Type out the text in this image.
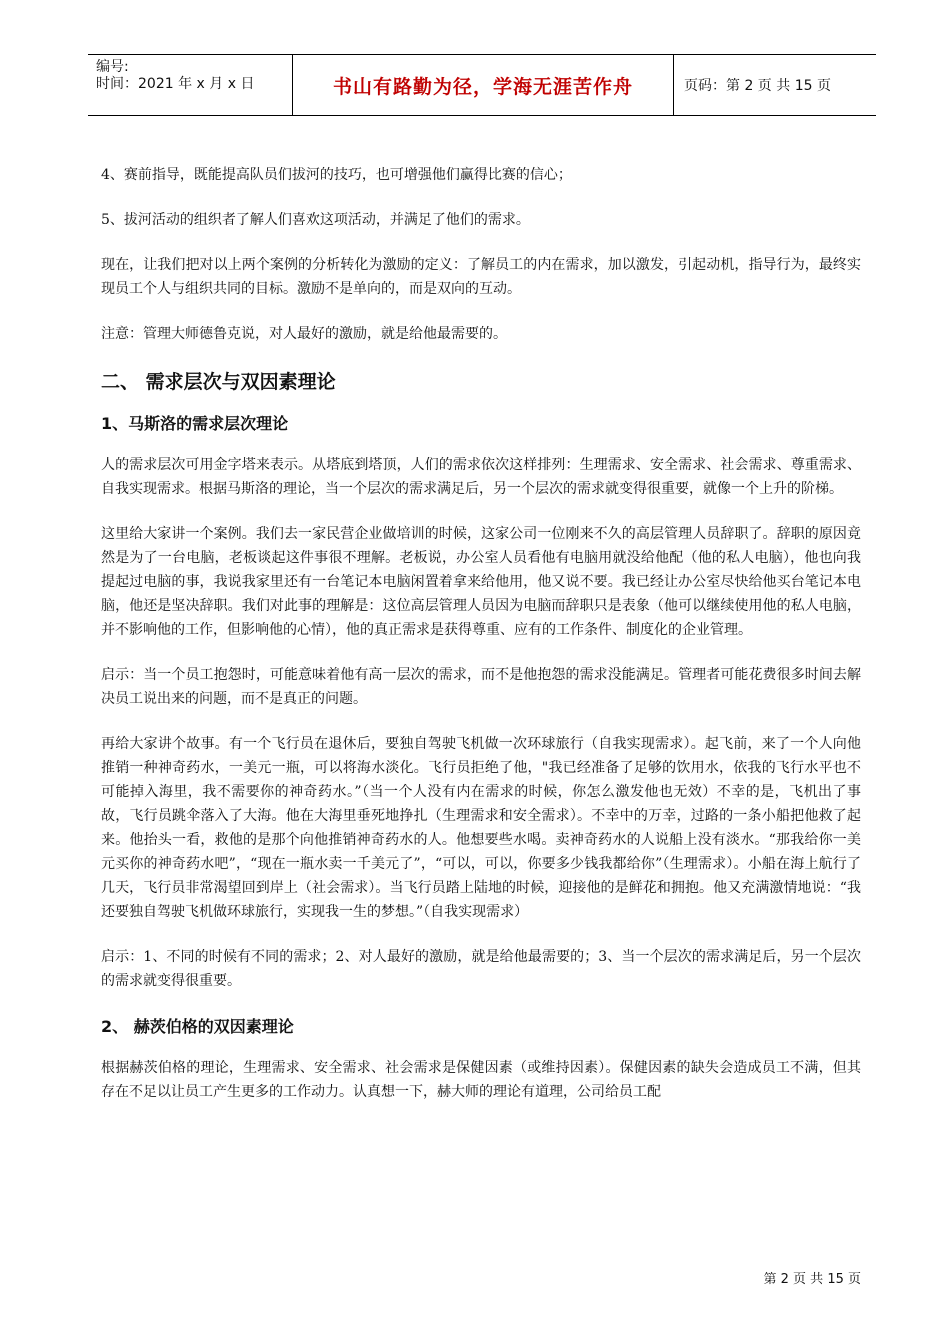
编号:
时间：2021 年 x 月 x 日	书山有路勤为径，学海无涯苦作舟	页码：第 2 页 共 15 页

4、赛前指导，既能提高队员们拔河的技巧，也可增强他们赢得比赛的信心；

5、拔河活动的组织者了解人们喜欢这项活动，并满足了他们的需求。

现在，让我们把对以上两个案例的分析转化为激励的定义：了解员工的内在需求，加以激发，引起动机，指导行为，最终实现员工个人与组织共同的目标。激励不是单向的，而是双向的互动。

注意：管理大师德鲁克说，对人最好的激励，就是给他最需要的。

二、 需求层次与双因素理论
1、马斯洛的需求层次理论

人的需求层次可用金字塔来表示。从塔底到塔顶，人们的需求依次这样排列：生理需求、安全需求、社会需求、尊重需求、自我实现需求。根据马斯洛的理论，当一个层次的需求满足后，另一个层次的需求就变得很重要，就像一个上升的阶梯。

这里给大家讲一个案例。我们去一家民营企业做培训的时候，这家公司一位刚来不久的高层管理人员辞职了。辞职的原因竟然是为了一台电脑，老板谈起这件事很不理解。老板说，办公室人员看他有电脑用就没给他配（他的私人电脑），他也向我提起过电脑的事，我说我家里还有一台笔记本电脑闲置着拿来给他用，他又说不要。我已经让办公室尽快给他买台笔记本电脑，他还是坚决辞职。我们对此事的理解是：这位高层管理人员因为电脑而辞职只是表象（他可以继续使用他的私人电脑，并不影响他的工作，但影响他的心情），他的真正需求是获得尊重、应有的工作条件、制度化的企业管理。

启示：当一个员工抱怨时，可能意味着他有高一层次的需求，而不是他抱怨的需求没能满足。管理者可能花费很多时间去解决员工说出来的问题，而不是真正的问题。

再给大家讲个故事。有一个飞行员在退休后，要独自驾驶飞机做一次环球旅行（自我实现需求）。起飞前，来了一个人向他推销一种神奇药水，一美元一瓶，可以将海水淡化。飞行员拒绝了他，"我已经准备了足够的饮用水，依我的飞行水平也不可能掉入海里，我不需要你的神奇药水。”（当一个人没有内在需求的时候，你怎么激发他也无效）不幸的是，飞机出了事故，飞行员跳伞落入了大海。他在大海里垂死地挣扎（生理需求和安全需求）。不幸中的万幸，过路的一条小船把他救了起来。他抬头一看，救他的是那个向他推销神奇药水的人。他想要些水喝。卖神奇药水的人说船上没有淡水。“那我给你一美元买你的神奇药水吧”，“现在一瓶水卖一千美元了”，“可以，可以，你要多少钱我都给你”（生理需求）。小船在海上航行了几天，飞行员非常渴望回到岸上（社会需求）。当飞行员踏上陆地的时候，迎接他的是鲜花和拥抱。他又充满激情地说：“我还要独自驾驶飞机做环球旅行，实现我一生的梦想。”（自我实现需求）

启示：1、不同的时候有不同的需求；2、对人最好的激励，就是给他最需要的；3、当一个层次的需求满足后，另一个层次的需求就变得很重要。

2、 赫茨伯格的双因素理论

根据赫茨伯格的理论，生理需求、安全需求、社会需求是保健因素（或维持因素）。保健因素的缺失会造成员工不满，但其存在不足以让员工产生更多的工作动力。认真想一下，赫大师的理论有道理，公司给员工配

第 2 页 共 15 页
